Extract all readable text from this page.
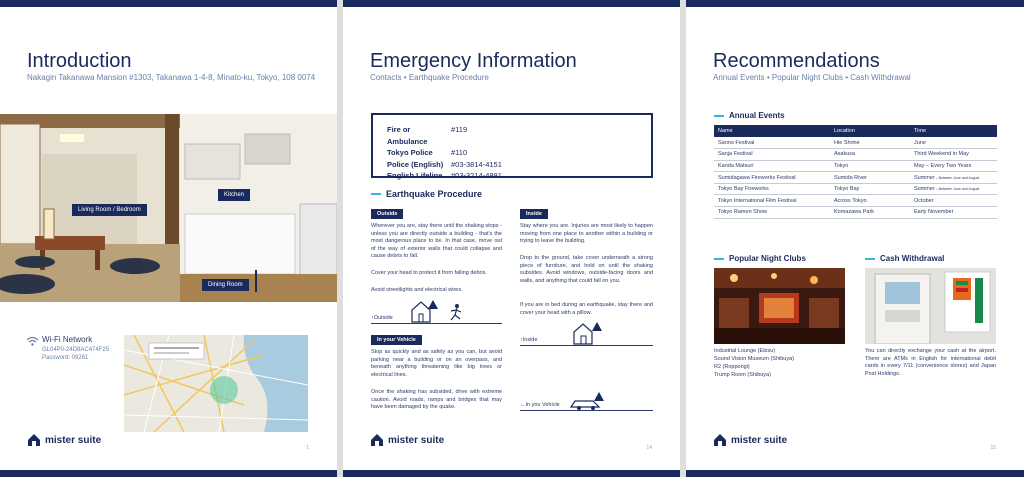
Introduction
Nakagin Takanawa Mansion #1303, Takanawa 1-4-8, Minato-ku, Tokyo, 108 0074
Living Room / Bedroom
Kitchen
Dining Room
Wi-Fi Network
GL04P0-24D8AC474F25
Password: 09261
mister suite
1
Emergency Information
Contacts • Earthquake Procedure
Fire or Ambulance
#119
Tokyo Police	#110
Police (English)	#03-3814-4151
English Lifeline	#03-3214-4891
Earthquake Procedure
Outside
Wherever you are, stay there until the shaking stops - unless you are directly outside a building - that's the most dangerous place to be. In that case, move out of the way of exterior walls that could collapse and cause debris to fall.
Cover your head to protect it from falling debris.
Avoid streetlights and electrical wires.
↑Outside
In your Vehicle
Stop as quickly and as safely as you can, but avoid parking near a building or on an overpass, and beneath anything threatening like big trees or electrical lines.
Once the shaking has subsided, drive with extreme caution. Avoid roads, ramps and bridges that may have been damaged by the quake.
Inside
Stay where you are. Injuries are most likely to happen moving from one place to another within a building or trying to leave the building.
Drop to the ground, take cover underneath a strong piece of furniture, and hold on until the shaking subsides. Avoid windows, outside-facing doors and walls, and anything that could fall on you.
If you are in bed during an earthquake, stay there and cover your head with a pillow.
↑Inside
←In you Vehicle
mister suite
14
Recommendations
Annual Events • Popular Night Clubs • Cash Withdrawal
Annual Events
Name	Location	Time
Sanno Festival	Hie Shrine	June
Sanja Festival	Asakusa	Third Weekend in May
Kanda Matsuri	Tokyo	May – Every Two Years
Sumidagawa Fireworks Festival	Sumida River	Summer – Between June and August
Tokyo Bay Fireworks	Tokyo Bay	Summer – Between June and August
Tokyo International Film Festival	Across Tokyo	October
Tokyo Ramen Show	Komazawa Park	Early November
Popular Night Clubs	Cash Withdrawal
Industrial Lounge (Ebisu)
Sound Vision Museum (Shibuya)
R2 (Roppongi)
Trump Room (Shibuya)
You can directly exchange your cash at the airport. There are ATMs in English for international debit cards in every 7/11 (convenience stores) and Japan Post Holdings.
mister suite
15
